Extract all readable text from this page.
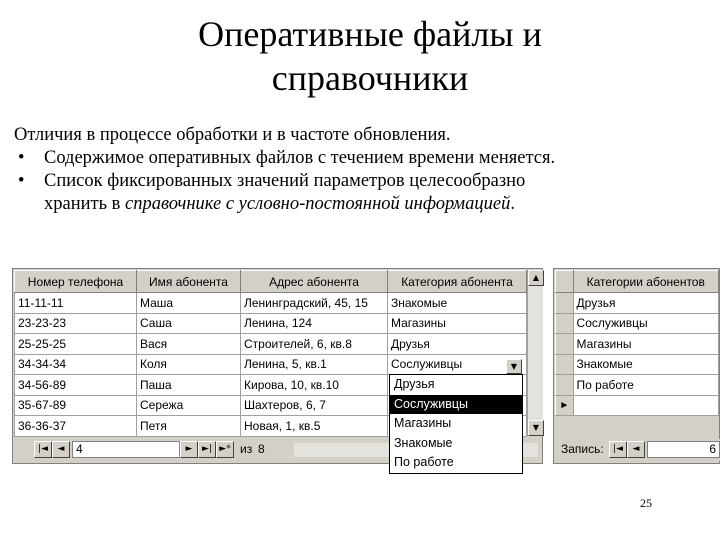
Оперативные файлы и
справочники
Отличия в процессе обработки и в частоте обновления.
• Содержимое оперативных файлов с течением времени меняется.
• Список фиксированных значений параметров целесообразно
хранить в справочнике с условно-постоянной информацией.
Номер телефона	Имя абонента	Адрес абонента	Категория абонента
11-11-11	Маша	Ленинградский, 45, 15	Знакомые
23-23-23	Саша	Ленина, 124	Магазины
25-25-25	Вася	Строителей, 6, кв.8	Друзья
34-34-34	Коля	Ленина, 5, кв.1	Сослуживцы
34-56-89	Паша	Кирова, 10, кв.10	
35-67-89	Сережа	Шахтеров, 6, 7	
36-36-37	Петя	Новая, 1, кв.5	
▲
▼
|◄	◄ 4	►	►| ►* из 8
▼
Друзья
Сослуживцы
Магазины
Знакомые
По работе
	Категории абонентов
	Друзья
	Сослуживцы
	Магазины
	Знакомые
	По работе
►	
Запись:	|◄	◄	6
25
